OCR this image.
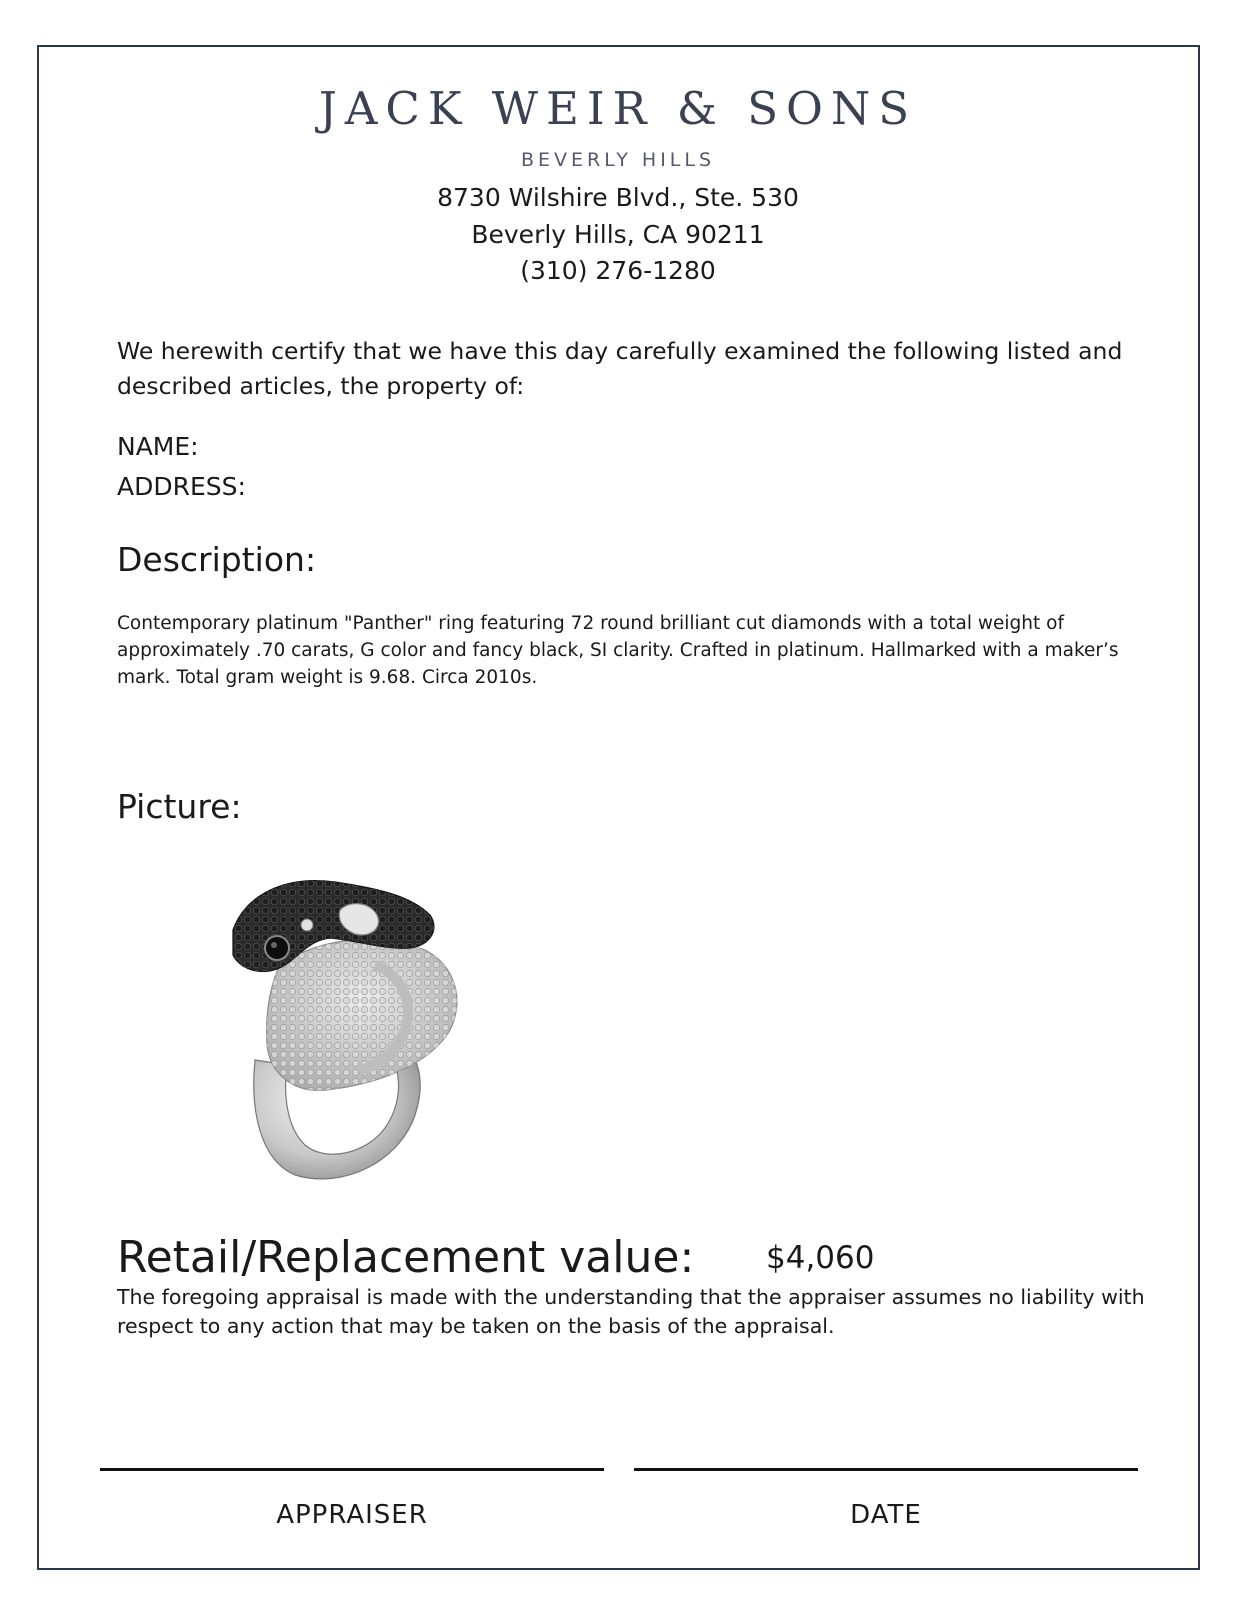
JACK WEIR & SONS
BEVERLY HILLS
8730 Wilshire Blvd., Ste. 530
Beverly Hills, CA 90211
(310) 276-1280
We herewith certify that we have this day carefully examined the following listed and described articles, the property of:
NAME:
ADDRESS:
Description:
Contemporary platinum "Panther" ring featuring 72 round brilliant cut diamonds with a total weight of approximately .70 carats, G color and fancy black, SI clarity. Crafted in platinum. Hallmarked with a maker’s mark. Total gram weight is 9.68. Circa 2010s.
Picture:
Retail/Replacement value: $4,060
The foregoing appraisal is made with the understanding that the appraiser assumes no liability with respect to any action that may be taken on the basis of the appraisal.
APPRAISER	DATE
